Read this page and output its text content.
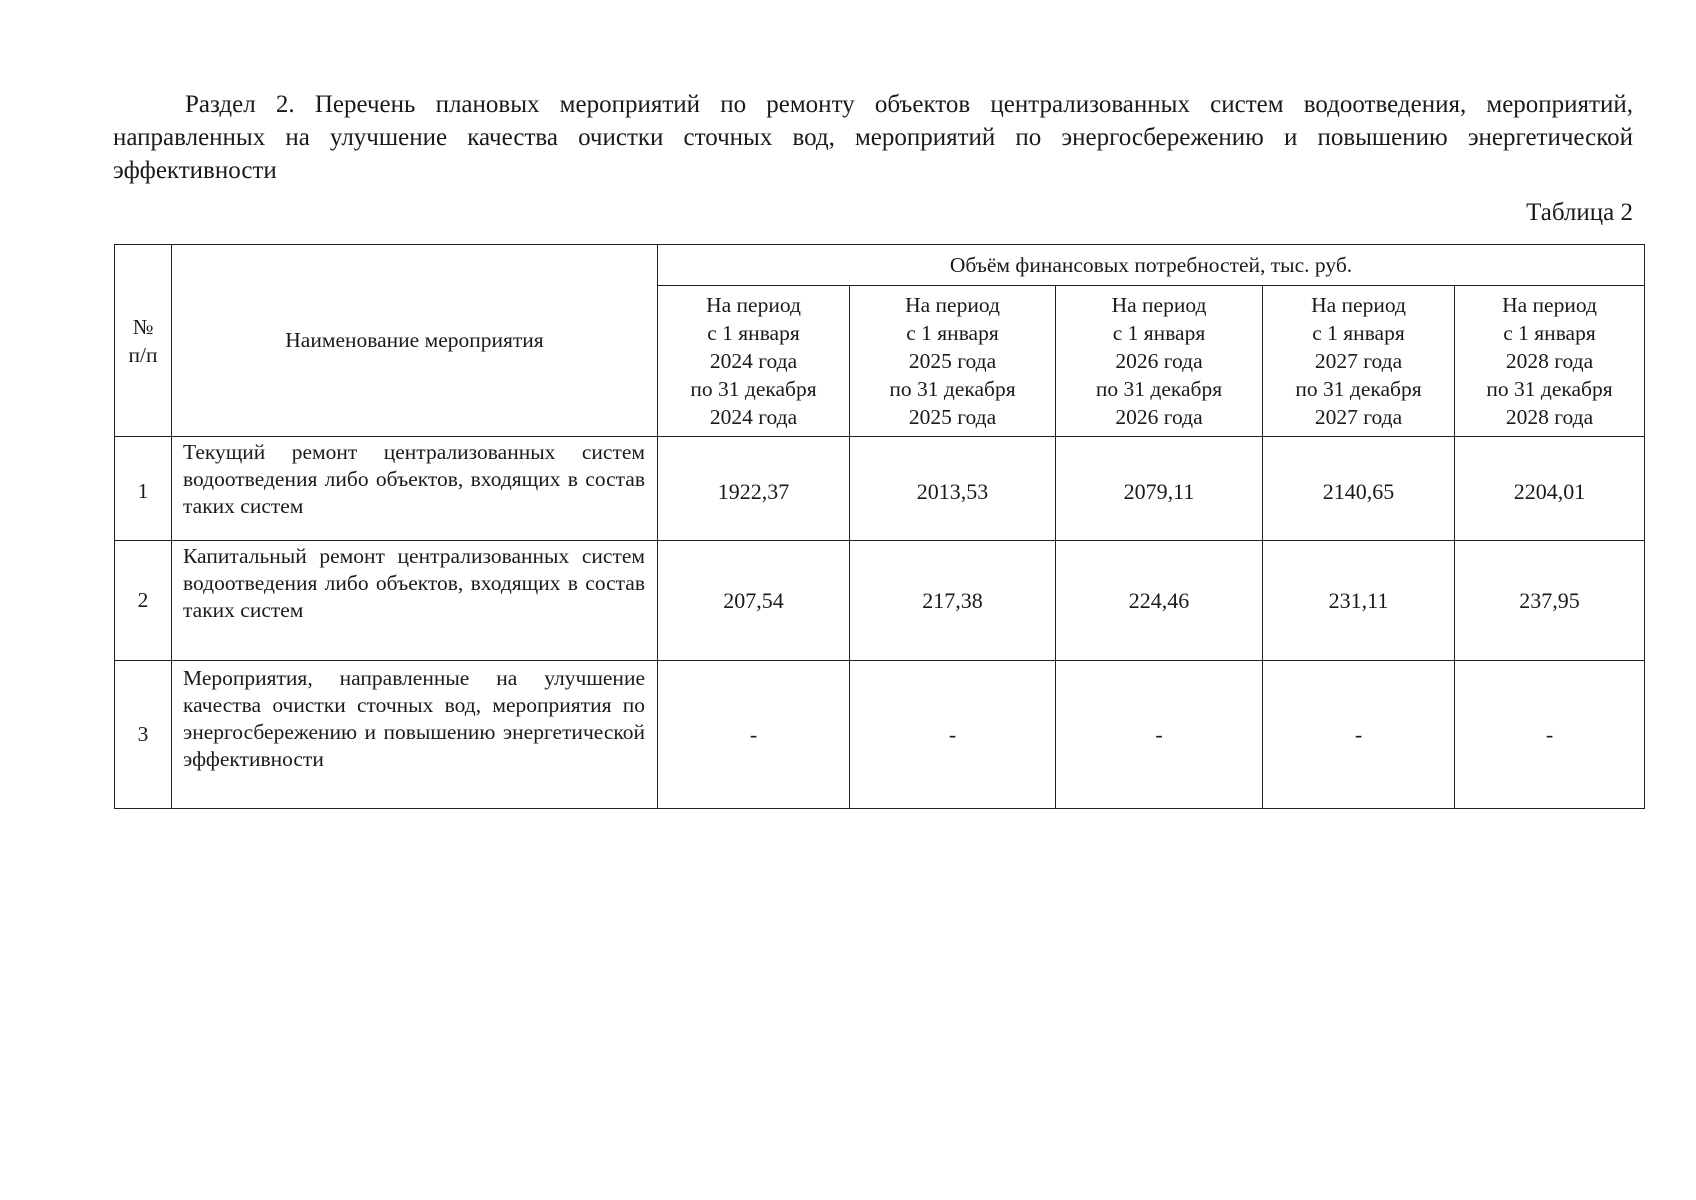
Раздел 2. Перечень плановых мероприятий по ремонту объектов централизованных систем водоотведения, мероприятий, направленных на улучшение качества очистки сточных вод, мероприятий по энергосбережению и повышению энергетической эффективности

Таблица 2

№
п/п	Наименование мероприятия	Объём финансовых потребностей, тыс. руб.				

		На период
с 1 января
2024 года
по 31 декабря
2024 года	На период
с 1 января
2025 года
по 31 декабря
2025 года	На период
с 1 января
2026 года
по 31 декабря
2026 года	На период
с 1 января
2027 года
по 31 декабря
2027 года	На период
с 1 января
2028 года
по 31 декабря
2028 года

1	Текущий ремонт централизованных систем водоотведения либо объектов, входящих в состав таких систем	1922,37	2013,53	2079,11	2140,65	2204,01
2	Капитальный ремонт централизованных систем водоотведения либо объектов, входящих в состав таких систем	207,54	217,38	224,46	231,11	237,95
3	Мероприятия, направленные на улучшение качества очистки сточных вод, мероприятия по энергосбережению и повышению энергетической эффективности	-	-	-	-	-
